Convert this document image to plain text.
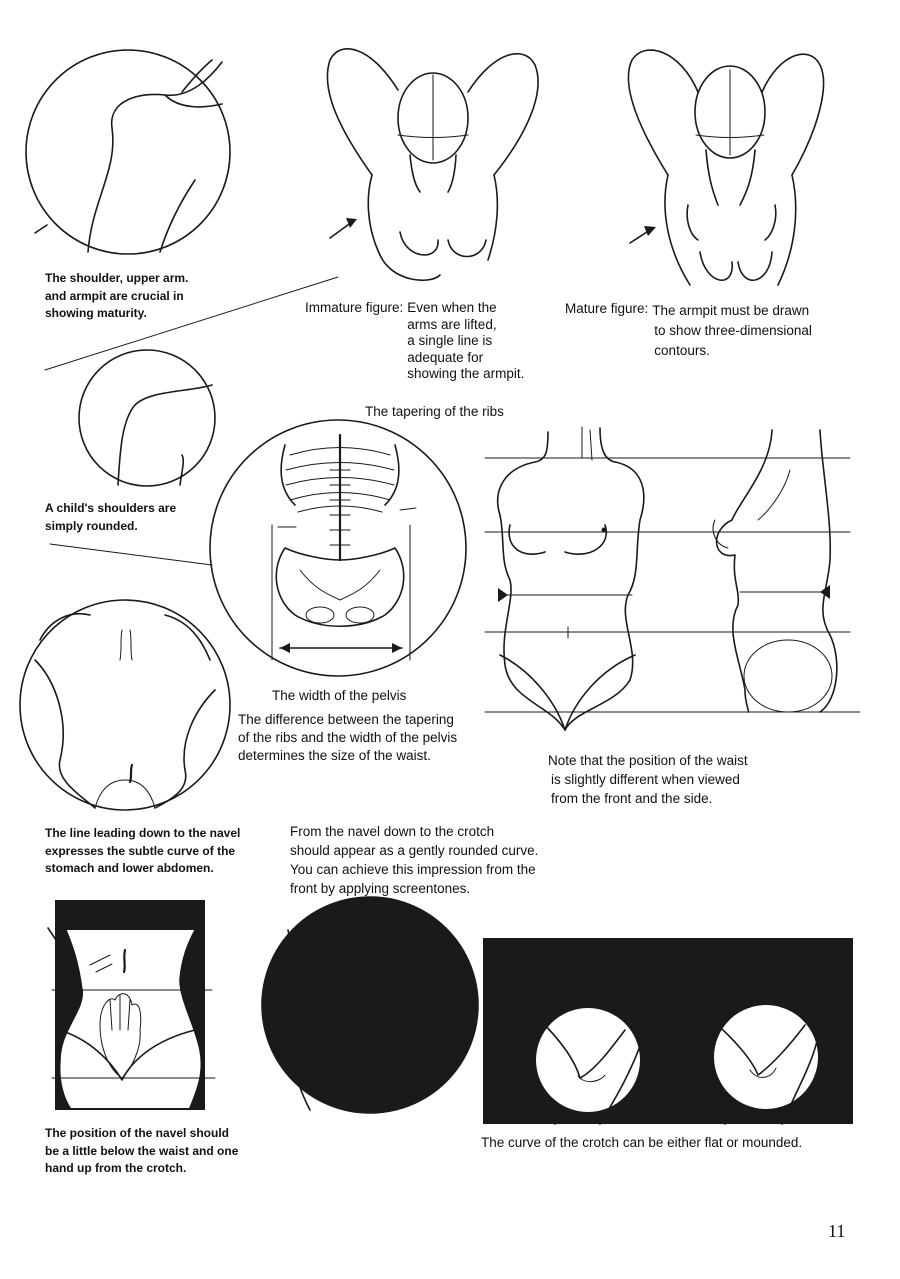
The shoulder, upper arm.
and armpit are crucial in
showing maturity.	Immature figure: Even when the
arms are lifted,
a single line is
adequate for
showing the armpit.
Mature figure: The armpit must be drawn
to show three-dimensional
contours.
The tapering of the ribs
A child's shoulders are
simply rounded.
The width of the pelvis
The difference between the tapering
of the ribs and the width of the pelvis
determines the size of the waist.	Note that the position of the waist
is slightly different when viewed
from the front and the side.
The line leading down to the navel
expresses the subtle curve of the
stomach and lower abdomen.
From the navel down to the crotch
should appear as a gently rounded curve.
You can achieve this impression from the
front by applying screentones.
The position of the navel should
be a little below the waist and one
hand up from the crotch.
The curve of the crotch can be either flat or mounded.
11
